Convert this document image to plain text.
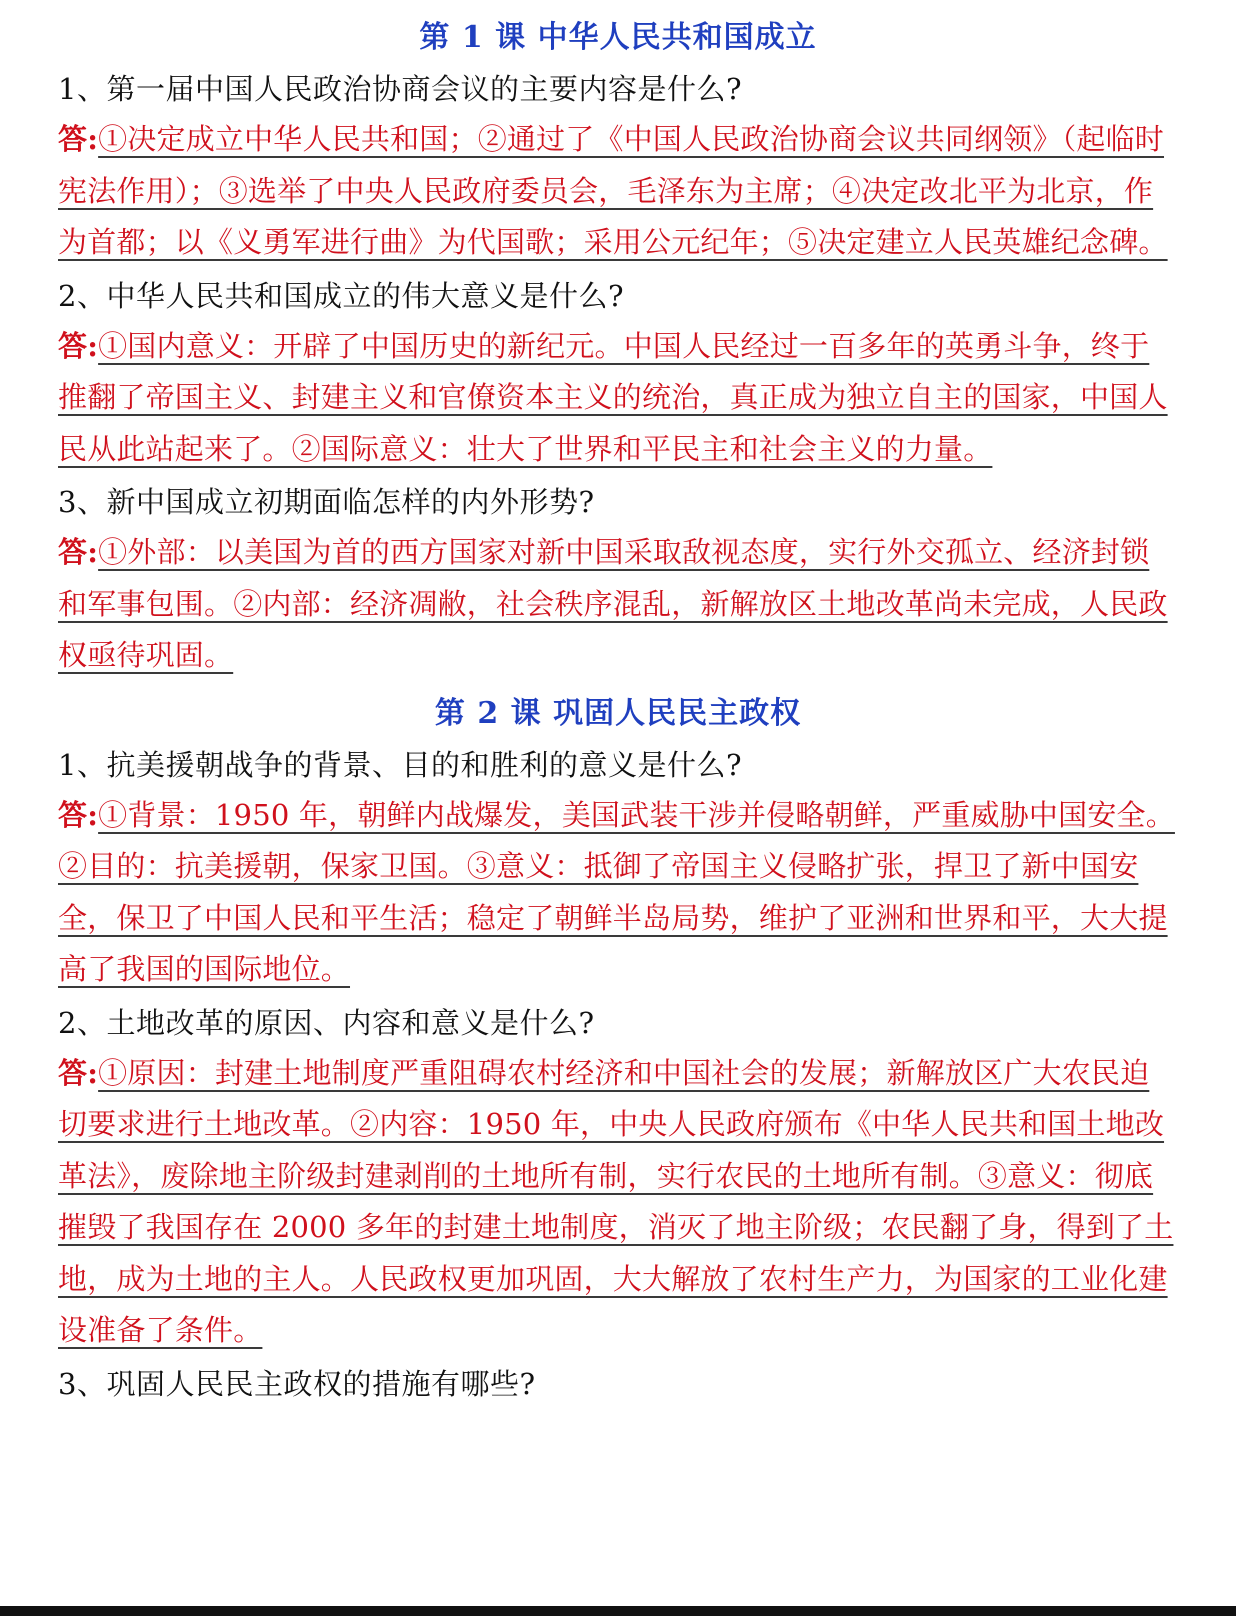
第 1 课 中华人民共和国成立

1、第一届中国人民政治协商会议的主要内容是什么?

答:①决定成立中华人民共和国；②通过了《中国人民政治协商会议共同纲领》（起临时宪法作用）；③选举了中央人民政府委员会，毛泽东为主席；④决定改北平为北京，作为首都；以《义勇军进行曲》为代国歌；采用公元纪年；⑤决定建立人民英雄纪念碑。

2、中华人民共和国成立的伟大意义是什么?

答:①国内意义：开辟了中国历史的新纪元。中国人民经过一百多年的英勇斗争，终于推翻了帝国主义、封建主义和官僚资本主义的统治，真正成为独立自主的国家，中国人民从此站起来了。②国际意义：壮大了世界和平民主和社会主义的力量。

3、新中国成立初期面临怎样的内外形势?

答:①外部：以美国为首的西方国家对新中国采取敌视态度，实行外交孤立、经济封锁和军事包围。②内部：经济凋敝，社会秩序混乱，新解放区土地改革尚未完成，人民政权亟待巩固。

第 2 课 巩固人民民主政权

1、抗美援朝战争的背景、目的和胜利的意义是什么?

答:①背景：1950 年，朝鲜内战爆发，美国武装干涉并侵略朝鲜，严重威胁中国安全。②目的：抗美援朝，保家卫国。③意义：抵御了帝国主义侵略扩张，捍卫了新中国安全，保卫了中国人民和平生活；稳定了朝鲜半岛局势，维护了亚洲和世界和平，大大提高了我国的国际地位。

2、土地改革的原因、内容和意义是什么?

答:①原因：封建土地制度严重阻碍农村经济和中国社会的发展；新解放区广大农民迫切要求进行土地改革。②内容：1950 年，中央人民政府颁布《中华人民共和国土地改革法》，废除地主阶级封建剥削的土地所有制，实行农民的土地所有制。③意义：彻底摧毁了我国存在 2000 多年的封建土地制度，消灭了地主阶级；农民翻了身，得到了土地，成为土地的主人。人民政权更加巩固，大大解放了农村生产力，为国家的工业化建设准备了条件。

3、巩固人民民主政权的措施有哪些?
